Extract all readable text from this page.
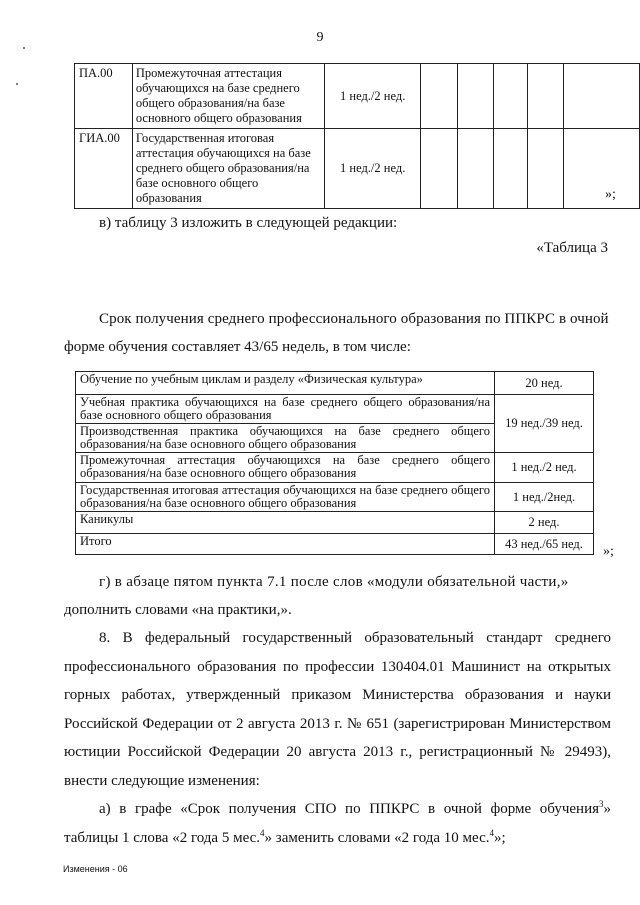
9
ПА.00	Промежуточная аттестация обучающихся на базе среднего общего образования/на базе основного общего образования	1 нед./2 нед.					
ГИА.00	Государственная итоговая аттестация обучающихся на базе среднего общего образования/на базе основного общего образования	1 нед./2 нед.					
»;
в) таблицу 3 изложить в следующей редакции:
«Таблица 3
Срок получения среднего профессионального образования по ППКРС в очной
форме обучения составляет 43/65 недель, в том числе:
Обучение по учебным циклам и разделу «Физическая культура»	20 нед.
Учебная практика обучающихся на базе среднего общего образования/на базе основного общего образования	19 нед./39 нед.
Производственная практика обучающихся на базе среднего общего образования/на базе основного общего образования	
Промежуточная аттестация обучающихся на базе среднего общего образования/на базе основного общего образования	1 нед./2 нед.
Государственная итоговая аттестация обучающихся на базе среднего общего образования/на базе основного общего образования	1 нед./2нед.
Каникулы	2 нед.
Итого	43 нед./65 нед.
»;
г) в абзаце пятом пункта 7.1 после слов «модули обязательной части,»
дополнить словами «на практики,».
8. В федеральный государственный образовательный стандарт среднего профессионального образования по профессии 130404.01 Машинист на открытых горных работах, утвержденный приказом Министерства образования и науки Российской Федерации от 2 августа 2013 г. № 651 (зарегистрирован Министерством юстиции Российской Федерации 20 августа 2013 г., регистрационный № 29493), внести следующие изменения:
а) в графе «Срок получения СПО по ППКРС в очной форме обучения$^3$» таблицы 1 слова «2 года 5 мес.$^4$» заменить словами «2 года 10 мес.$^4$»;
Изменения - 06
